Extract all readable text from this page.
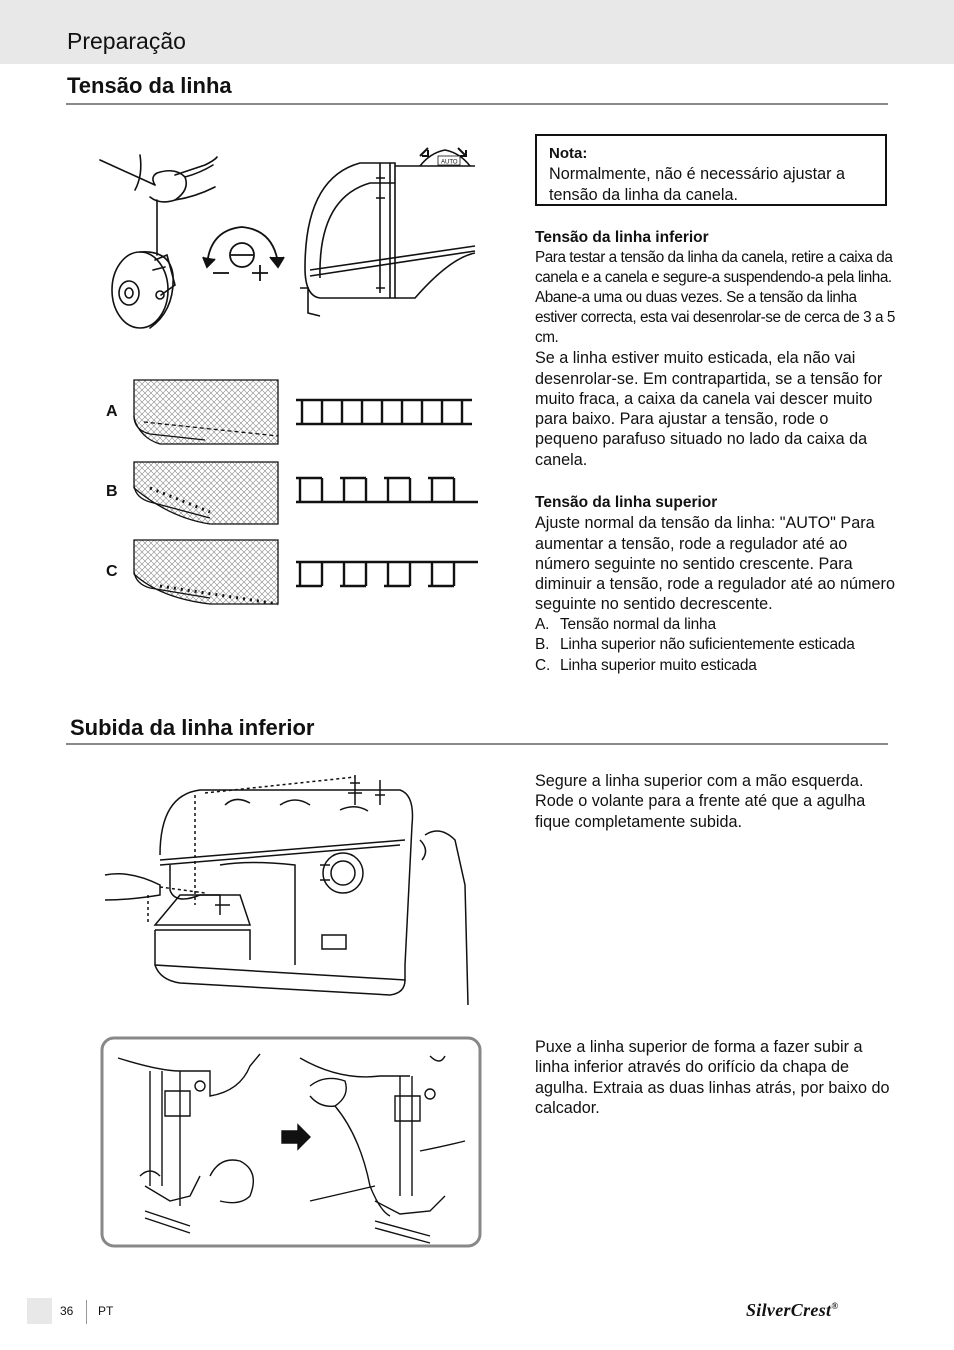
Preparação
Tensão da linha
Nota:
Normalmente, não é necessário ajustar a tensão da linha da canela.

Tensão da linha inferior

Para testar a tensão da linha da canela, retire a caixa da canela e a canela e segure-a suspendendo-a pela linha. Abane-a uma ou duas vezes. Se a tensão da linha estiver correcta, esta vai desenrolar-se de cerca de 3 a 5 cm.

Se a linha estiver muito esticada, ela não vai desenrolar-se. Em contrapartida, se a tensão for muito fraca, a caixa da canela vai descer muito para baixo. Para ajustar a tensão, rode o pequeno parafuso situado no lado da caixa da canela.

Tensão da linha superior

Ajuste normal da tensão da linha: "AUTO" Para aumentar a tensão, rode a regulador até ao número seguinte no sentido crescente. Para diminuir a tensão, rode a regulador até ao número seguinte no sentido decrescente.

A. Tensão normal da linha
B. Linha superior não suficientemente esticada
C. Linha superior muito esticada
AUTO
A
B
C
Subida da linha inferior

Segure a linha superior com a mão esquerda. Rode o volante para a frente até que a agulha fique completamente subida.

Puxe a linha superior de forma a fazer subir a linha inferior através do orifício da chapa de agulha. Extraia as duas linhas atrás, por baixo do calcador.

36 PT	SilverCrest®
